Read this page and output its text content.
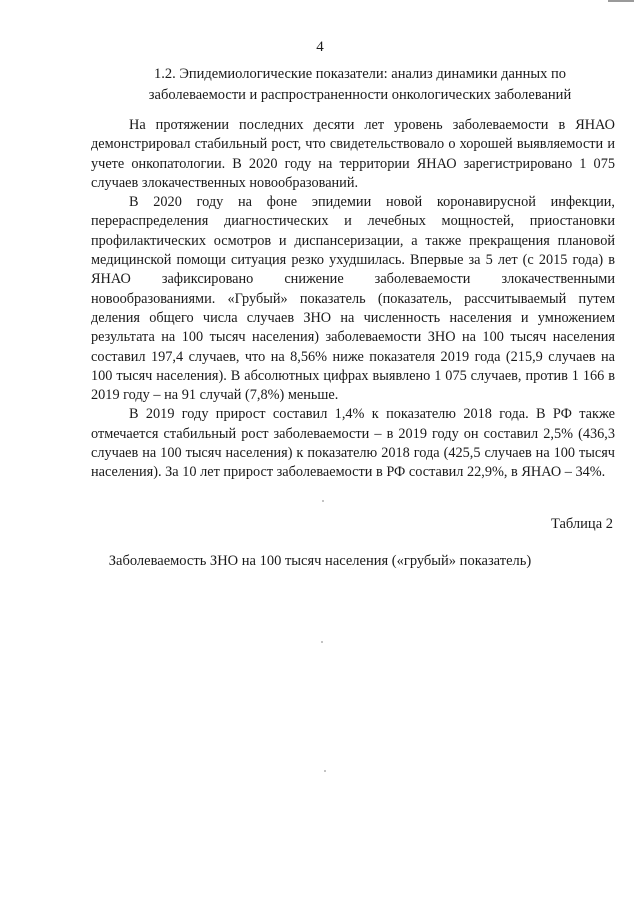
4
1.2. Эпидемиологические показатели: анализ динамики данных по
заболеваемости и распространенности онкологических заболеваний

На протяжении последних десяти лет уровень заболеваемости в ЯНАО демонстрировал стабильный рост, что свидетельствовало о хорошей выявляемости и учете онкопатологии. В 2020 году на территории ЯНАО зарегистрировано 1 075 случаев злокачественных новообразований.

В 2020 году на фоне эпидемии новой коронавирусной инфекции, перераспределения диагностических и лечебных мощностей, приостановки профилактических осмотров и диспансеризации, а также прекращения плановой медицинской помощи ситуация резко ухудшилась. Впервые за 5 лет (с 2015 года) в ЯНАО зафиксировано снижение заболеваемости злокачественными новообразованиями. «Грубый» показатель (показатель, рассчитываемый путем деления общего числа случаев ЗНО на численность населения и умножением результата на 100 тысяч населения) заболеваемости ЗНО на 100 тысяч населения составил 197,4 случаев, что на 8,56% ниже показателя 2019 года (215,9 случаев на 100 тысяч населения). В абсолютных цифрах выявлено 1 075 случаев, против 1 166 в 2019 году – на 91 случай (7,8%) меньше.

В 2019 году прирост составил 1,4% к показателю 2018 года. В РФ также отмечается стабильный рост заболеваемости – в 2019 году он составил 2,5% (436,3 случаев на 100 тысяч населения) к показателю 2018 года (425,5 случаев на 100 тысяч населения). За 10 лет прирост заболеваемости в РФ составил 22,9%, в ЯНАО – 34%.

Таблица 2
Заболеваемость ЗНО на 100 тысяч населения («грубый» показатель)
